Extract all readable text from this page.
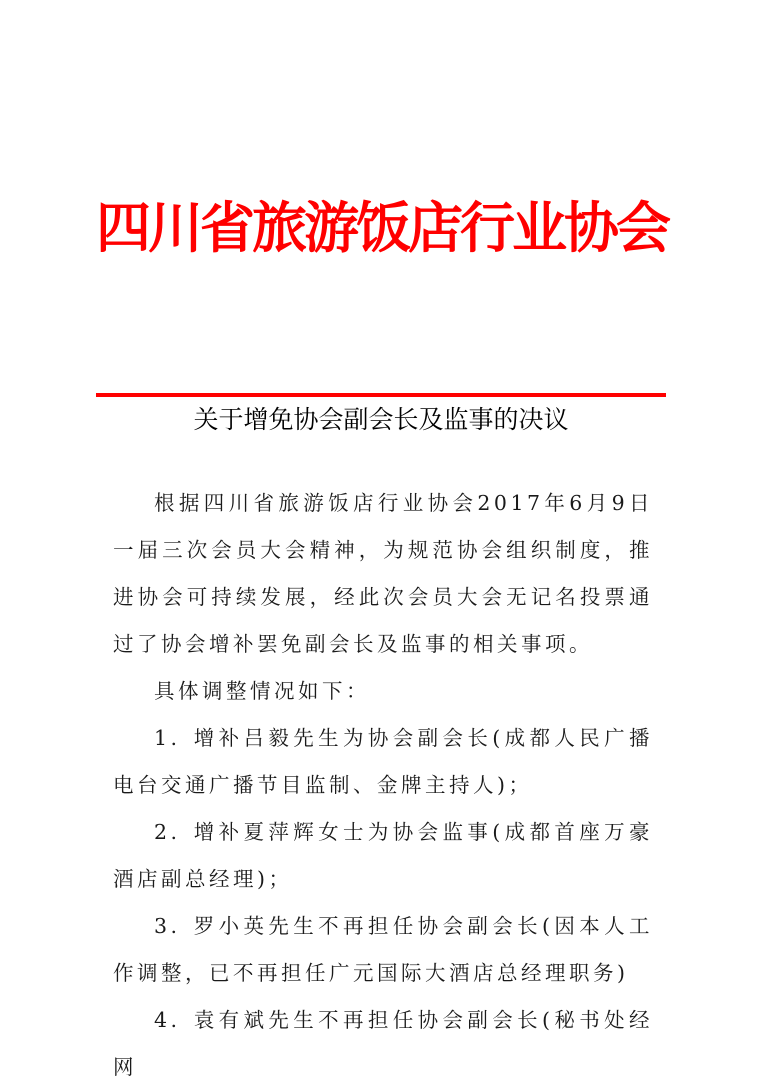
四川省旅游饭店行业协会
关于增免协会副会长及监事的决议

根据四川省旅游饭店行业协会2017年6月9日一届三次会员大会精神，为规范协会组织制度，推进协会可持续发展，经此次会员大会无记名投票通过了协会增补罢免副会长及监事的相关事项。

具体调整情况如下：

1. 增补吕毅先生为协会副会长(成都人民广播电台交通广播节目监制、金牌主持人)；

2. 增补夏萍辉女士为协会监事(成都首座万豪酒店副总经理)；

3. 罗小英先生不再担任协会副会长(因本人工作调整，已不再担任广元国际大酒店总经理职务)

4. 袁有斌先生不再担任协会副会长(秘书处经网
